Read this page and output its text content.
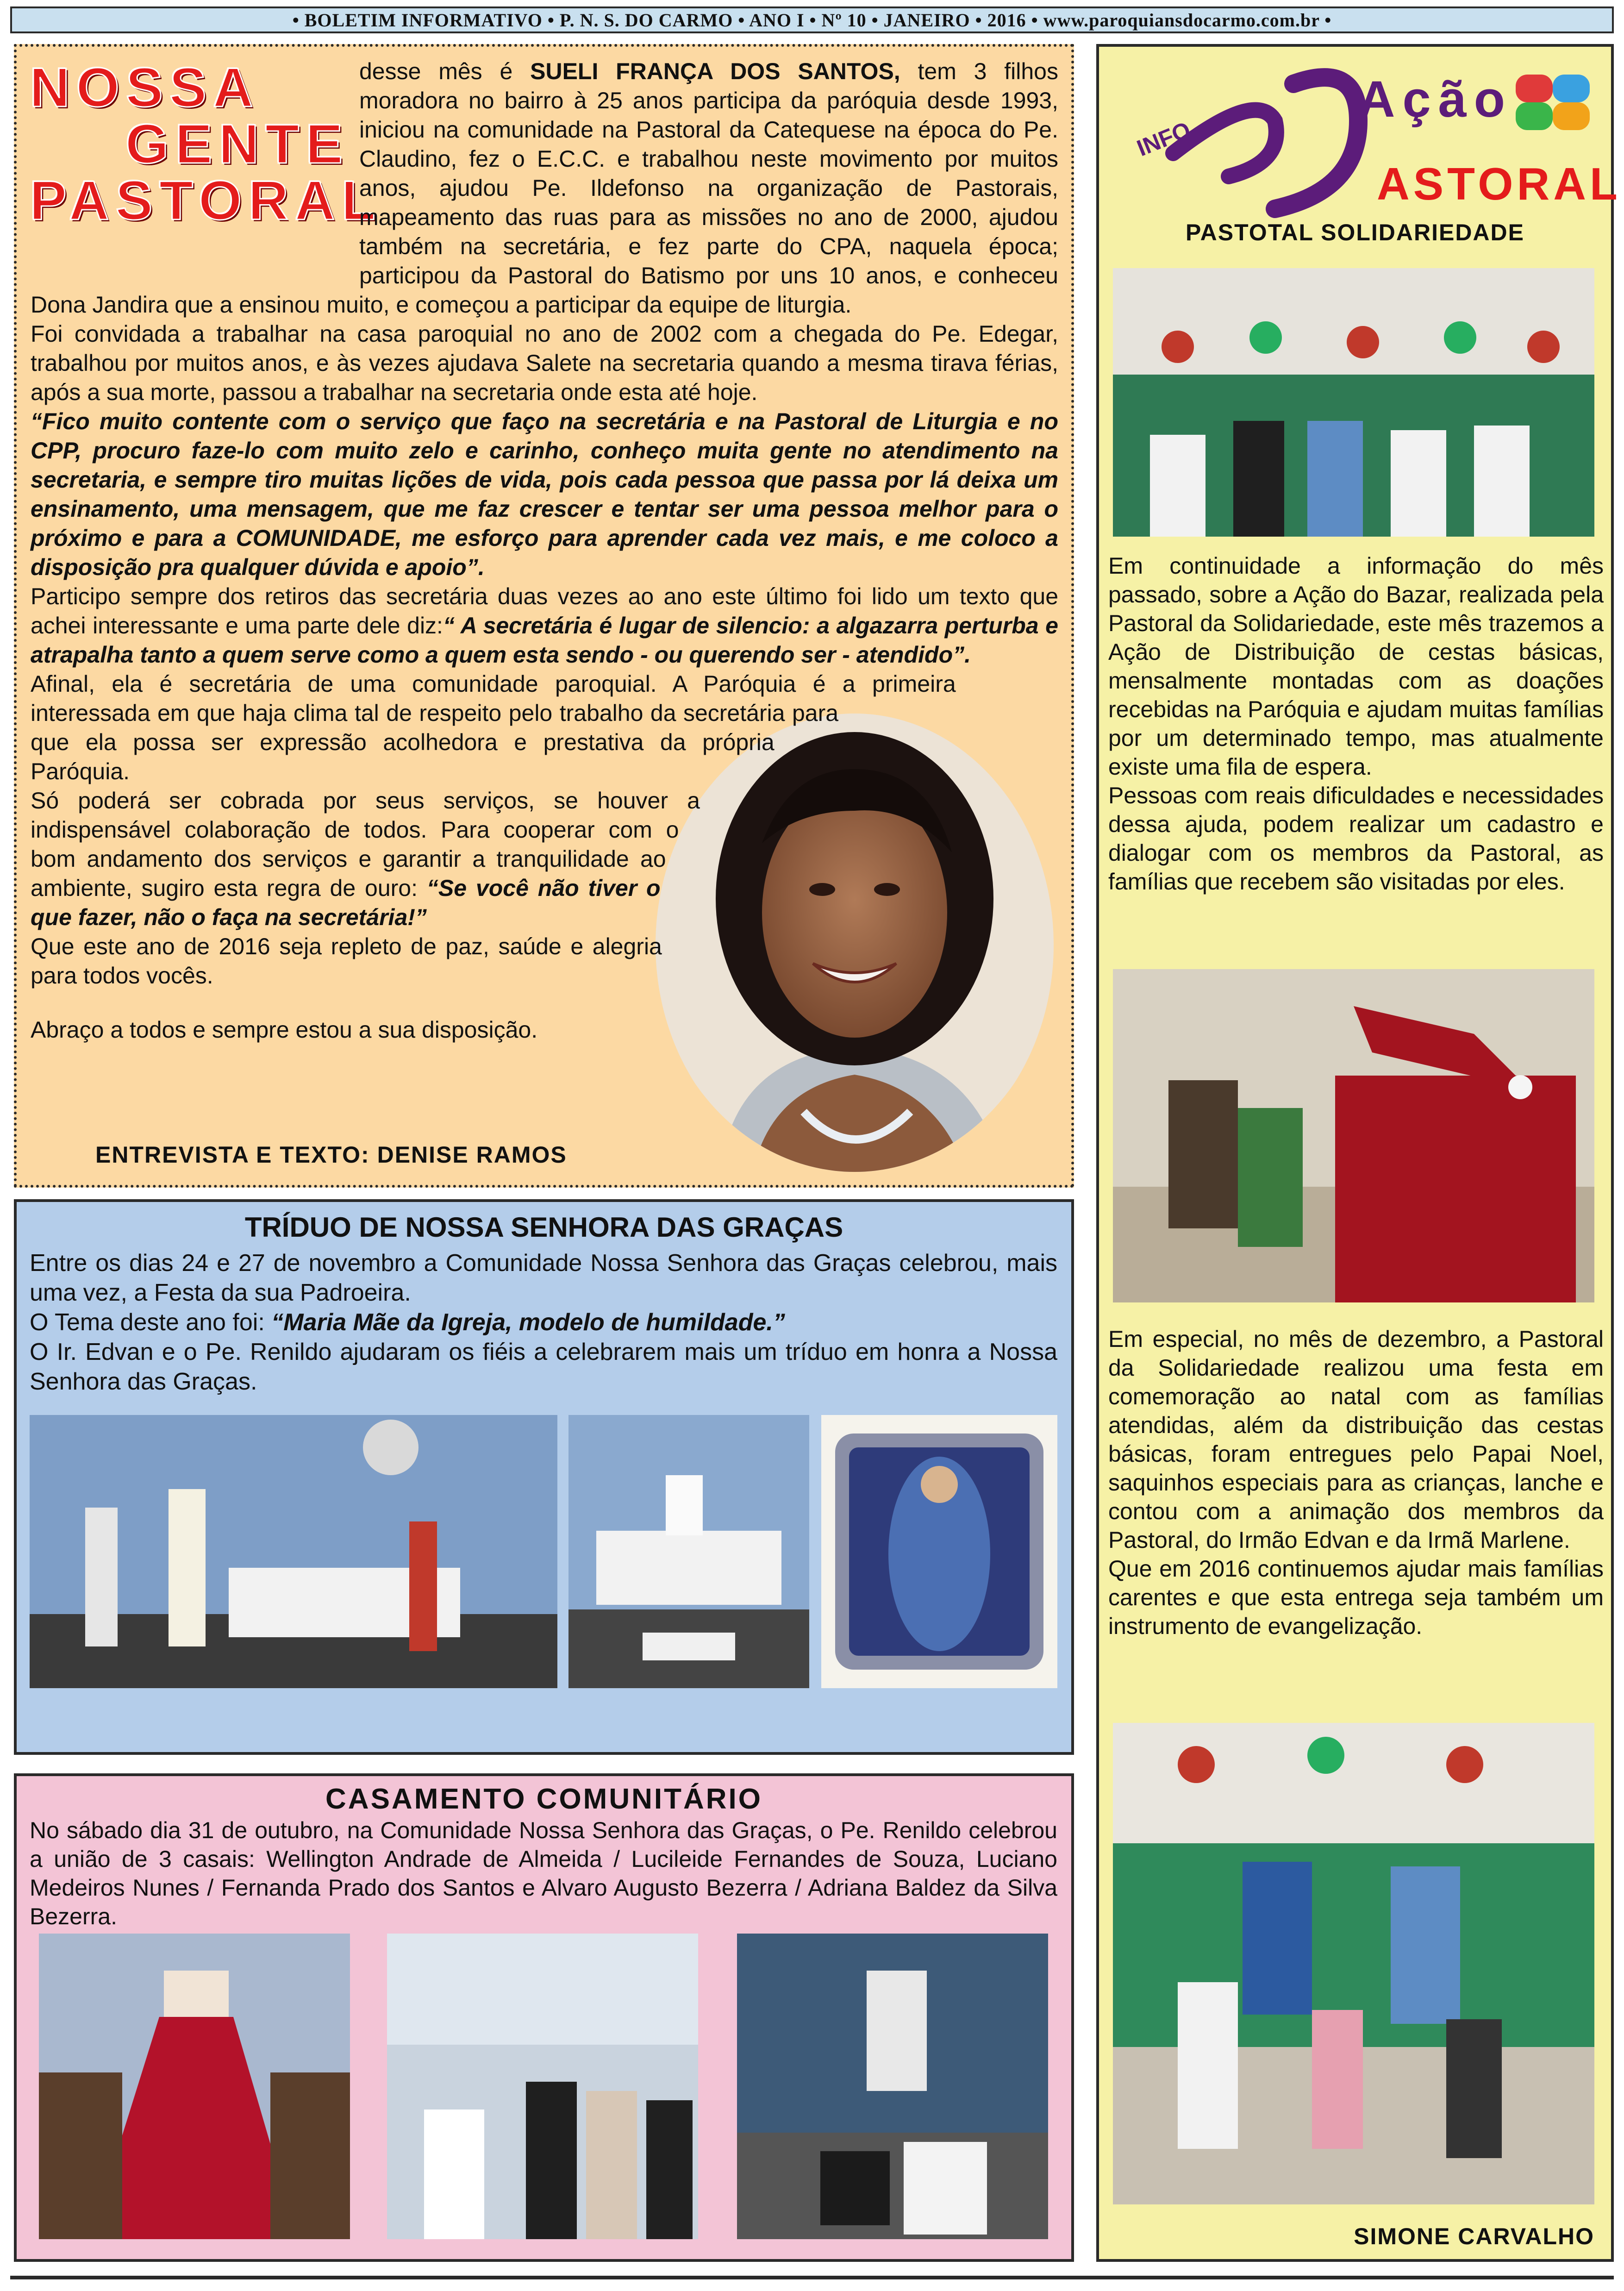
• BOLETIM INFORMATIVO • P. N. S. DO CARMO • ANO I • Nº 10 • JANEIRO • 2016 • www.paroquiansdocarmo.com.br •
NOSSA
GENTE
PASTORAL

desse mês é SUELI FRANÇA DOS SANTOS, tem 3 filhos moradora no bairro à 25 anos participa da paróquia desde 1993, iniciou na comunidade na Pastoral da Catequese na época do Pe. Claudino, fez o E.C.C. e trabalhou neste movimento por muitos anos, ajudou Pe. Ildefonso na organização de Pastorais, mapeamento das ruas para as missões no ano de 2000, ajudou também na secretária, e fez parte do CPA, naquela época; participou da Pastoral do Batismo por uns 10 anos, e conheceu Dona Jandira que a ensinou muito, e começou a participar da equipe de liturgia.

Foi convidada a trabalhar na casa paroquial no ano de 2002 com a chegada do Pe. Edegar, trabalhou por muitos anos, e às vezes ajudava Salete na secretaria quando a mesma tirava férias, após a sua morte, passou a trabalhar na secretaria onde esta até hoje.

“Fico muito contente com o serviço que faço na secretária e na Pastoral de Liturgia e no CPP, procuro faze-lo com muito zelo e carinho, conheço muita gente no atendimento na secretaria, e sempre tiro muitas lições de vida, pois cada pessoa que passa por lá deixa um ensinamento, uma mensagem, que me faz crescer e tentar ser uma pessoa melhor para o próximo e para a COMUNIDADE, me esforço para aprender cada vez mais, e me coloco a disposição pra qualquer dúvida e apoio”.

Participo sempre dos retiros das secretária duas vezes ao ano este último foi lido um texto que achei interessante e uma parte dele diz:“ A secretária é lugar de silencio: a algazarra perturba e atrapalha tanto a quem serve como a quem esta sendo - ou querendo ser - atendido”.

Afinal, ela é secretária de uma comunidade paroquial. A Paróquia é a primeira interessada em que haja clima tal de respeito pelo trabalho da secretária para que ela possa ser expressão acolhedora e prestativa da própria Paróquia.

Só poderá ser cobrada por seus serviços, se houver a indispensável colaboração de todos. Para cooperar com o bom andamento dos serviços e garantir a tranquilidade ao ambiente, sugiro esta regra de ouro: “Se você não tiver o que fazer, não o faça na secretária!”

Que este ano de 2016 seja repleto de paz, saúde e alegria para todos vocês.

Abraço a todos e sempre estou a sua disposição.

ENTREVISTA E TEXTO: DENISE RAMOS
TRÍDUO DE NOSSA SENHORA DAS GRAÇAS

Entre os dias 24 e 27 de novembro a Comunidade Nossa Senhora das Graças celebrou, mais uma vez, a Festa da sua Padroeira.

O Tema deste ano foi: “Maria Mãe da Igreja, modelo de humildade.”

O Ir. Edvan e o Pe. Renildo ajudaram os fiéis a celebrarem mais um tríduo em honra a Nossa Senhora das Graças.

CASAMENTO COMUNITÁRIO

No sábado dia 31 de outubro, na Comunidade Nossa Senhora das Graças, o Pe. Renildo celebrou a união de 3 casais: Wellington Andrade de Almeida / Lucileide Fernandes de Souza, Luciano Medeiros Nunes / Fernanda Prado dos Santos e Alvaro Augusto Bezerra / Adriana Baldez da Silva Bezerra.

INFO
Ação
ASTORAL
PASTOTAL SOLIDARIEDADE

Em continuidade a informação do mês passado, sobre a Ação do Bazar, realizada pela Pastoral da Solidariedade, este mês trazemos a Ação de Distribuição de cestas básicas, mensalmente montadas com as doações recebidas na Paróquia e ajudam muitas famílias por um determinado tempo, mas atualmente existe uma fila de espera.

Pessoas com reais dificuldades e necessidades dessa ajuda, podem realizar um cadastro e dialogar com os membros da Pastoral, as famílias que recebem são visitadas por eles.

Em especial, no mês de dezembro, a Pastoral da Solidariedade realizou uma festa em comemoração ao natal com as famílias atendidas, além da distribuição das cestas básicas, foram entregues pelo Papai Noel, saquinhos especiais para as crianças, lanche e contou com a animação dos membros da Pastoral, do Irmão Edvan e da Irmã Marlene.

Que em 2016 continuemos ajudar mais famílias carentes e que esta entrega seja também um instrumento de evangelização.

SIMONE CARVALHO
